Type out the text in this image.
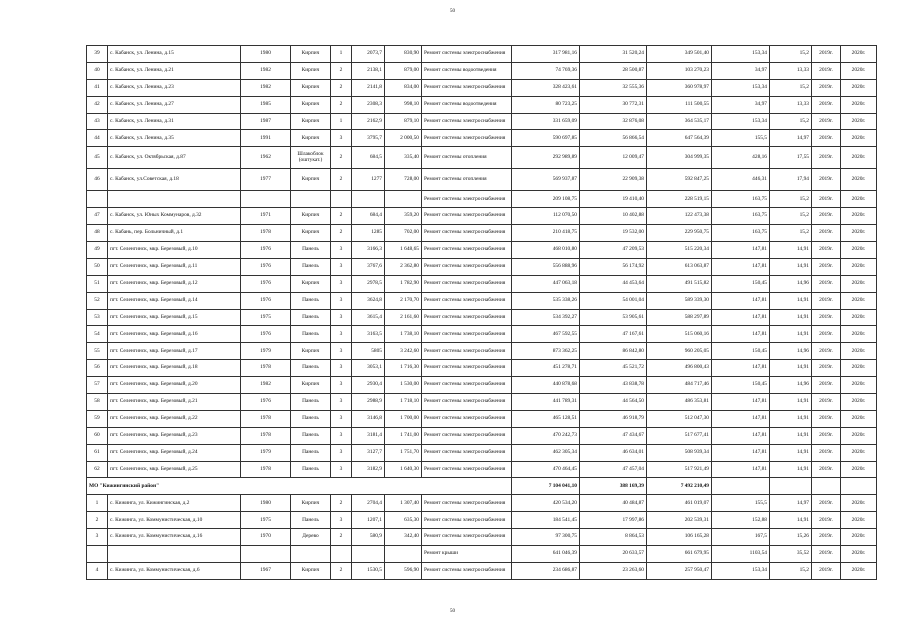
50
39	с. Кабанск, ул. Ленина, д.15	1980	Кирпич	1	2073,7	830,90	Ремонт системы электроснабжения	317 981,16	31 520,24	349 501,40	153,34	15,2	2019г.	2020г.
40	с. Кабанск, ул. Ленина, д.21	1982	Кирпич	2	2138,1	879,00	Ремонт системы водоотведения	74 769,36	28 500,87	103 270,23	34,97	13,33	2019г.	2020г.
41	с. Кабанск, ул. Ленина, д.23	1982	Кирпич	2	2141,8	834,00	Ремонт системы электроснабжения	328 423,61	32 555,36	360 978,97	153,34	15,2	2019г.	2020г.
42	с. Кабанск, ул. Ленина, д.27	1985	Кирпич	2	2308,3	998,10	Ремонт системы водоотведения	80 723,25	30 772,31	111 500,55	34,97	13,33	2019г.	2020г.
43	с. Кабанск, ул. Ленина, д.31	1987	Кирпич	1	2162,9	879,10	Ремонт системы электроснабжения	331 659,09	32 876,08	364 535,17	153,34	15,2	2019г.	2020г.
44	с. Кабанск, ул. Ленина, д.35	1991	Кирпич	3	3795,7	2 000,50	Ремонт системы электроснабжения	590 697,85	56 866,54	647 564,39	155,5	14,97	2019г.	2020г.
45	с. Кабанск, ул. Октябрьская, д.87	1962	Шлакоблок (оштукат.)	2	684,5	335,40	Ремонт системы отопления	292 989,89	12 009,47	304 999,35	428,16	17,55	2019г.	2020г.
46	с. Кабанск, ул.Советская, д.18	1977	Кирпич	2	1277	728,00	Ремонт системы отопления	569 937,87	22 909,38	592 847,25	446,31	17,94	2019г.	2020г.
							Ремонт системы электроснабжения	209 108,75	19 410,40	228 519,15	163,75	15,2	2019г.	2020г.
47	с. Кабанск, ул. Юных Коммунаров, д.32	1971	Кирпич	2	684,4	359,20	Ремонт системы электроснабжения	112 070,50	10 402,88	122 473,38	163,75	15,2	2019г.	2020г.
48	с. Кабань, пер. Больничный, д.1	1978	Кирпич	2	1285	702,00	Ремонт системы электроснабжения	210 418,75	19 532,00	229 950,75	163,75	15,2	2019г.	2020г.
49	пгт. Селенгинск, мкр. Березовый, д.10	1976	Панель	3	3166,3	1 648,65	Ремонт системы электроснабжения	468 010,80	47 209,53	515 220,34	147,81	14,91	2019г.	2020г.
50	пгт. Селенгинск, мкр. Березовый, д.11	1976	Панель	3	3767,6	2 362,80	Ремонт системы электроснабжения	556 888,96	56 174,92	613 063,87	147,81	14,91	2019г.	2020г.
51	пгт. Селенгинск, мкр. Березовый, д.12	1976	Кирпич	3	2978,5	1 782,90	Ремонт системы электроснабжения	447 063,18	44 453,64	491 515,82	150,45	14,96	2019г.	2020г.
52	пгт. Селенгинск, мкр. Березовый, д.14	1976	Панель	3	3624,8	2 170,70	Ремонт системы электроснабжения	535 338,26	54 001,04	589 339,30	147,81	14,91	2019г.	2020г.
53	пгт. Селенгинск, мкр. Березовый, д.15	1975	Панель	3	3615,4	2 161,60	Ремонт системы электроснабжения	534 392,27	53 905,61	588 297,89	147,81	14,91	2019г.	2020г.
54	пгт. Селенгинск, мкр. Березовый, д.16	1976	Панель	3	3163,5	1 738,10	Ремонт системы электроснабжения	467 592,55	47 167,61	515 060,16	147,81	14,91	2019г.	2020г.
55	пгт. Селенгинск, мкр. Березовый, д.17	1979	Кирпич	3	5805	3 242,60	Ремонт системы электроснабжения	873 362,25	86 842,80	960 205,05	150,45	14,96	2019г.	2020г.
56	пгт. Селенгинск, мкр. Березовый, д.18	1978	Панель	3	3053,1	1 716,30	Ремонт системы электроснабжения	451 278,71	45 521,72	496 800,43	147,81	14,91	2019г.	2020г.
57	пгт. Селенгинск, мкр. Березовый, д.20	1982	Кирпич	3	2930,4	1 530,00	Ремонт системы электроснабжения	440 878,68	43 838,78	484 717,46	150,45	14,96	2019г.	2020г.
58	пгт. Селенгинск, мкр. Березовый, д.21	1976	Панель	3	2988,9	1 718,10	Ремонт системы электроснабжения	441 789,31	44 564,50	486 353,81	147,81	14,91	2019г.	2020г.
59	пгт. Селенгинск, мкр. Березовый, д.22	1978	Панель	3	3146,8	1 700,00	Ремонт системы электроснабжения	465 128,51	46 918,79	512 047,30	147,81	14,91	2019г.	2020г.
60	пгт. Селенгинск, мкр. Березовый, д.23	1978	Панель	3	3181,4	1 741,00	Ремонт системы электроснабжения	470 242,73	47 434,67	517 677,41	147,81	14,91	2019г.	2020г.
61	пгт. Селенгинск, мкр. Березовый, д.24	1979	Панель	3	3127,7	1 751,70	Ремонт системы электроснабжения	462 305,34	46 634,01	508 939,34	147,81	14,91	2019г.	2020г.
62	пгт. Селенгинск, мкр. Березовый, д.25	1978	Панель	3	3182,9	1 640,30	Ремонт системы электроснабжения	470 464,45	47 457,04	517 921,49	147,81	14,91	2019г.	2020г.
МО "Кижингинский район"								7 104 041,10	388 169,39	7 492 210,49				
1	с. Кижинга, ул. Кижингинская, д.2	1980	Кирпич	2	2704,4	1 307,40	Ремонт системы электроснабжения	420 534,20	40 484,87	461 019,07	155,5	14,97	2019г.	2020г.
2	с. Кижинга, ул. Коммунистическая, д.10	1975	Панель	3	1207,1	635,30	Ремонт системы электроснабжения	184 541,45	17 997,86	202 539,31	152,88	14,91	2019г.	2020г.
3	с. Кижинга, ул. Коммунистическая, д.16	1970	Дерево	2	580,9	342,40	Ремонт системы электроснабжения	97 300,75	8 864,53	106 165,28	167,5	15,26	2019г.	2020г.
							Ремонт крыши	641 046,39	20 633,57	661 679,95	1103,54	35,52	2019г.	2020г.
4	с. Кижинга, ул. Коммунистическая, д.6	1967	Кирпич	2	1530,5	596,90	Ремонт системы электроснабжения	234 686,87	23 263,60	257 950,47	153,34	15,2	2019г.	2020г.
50
